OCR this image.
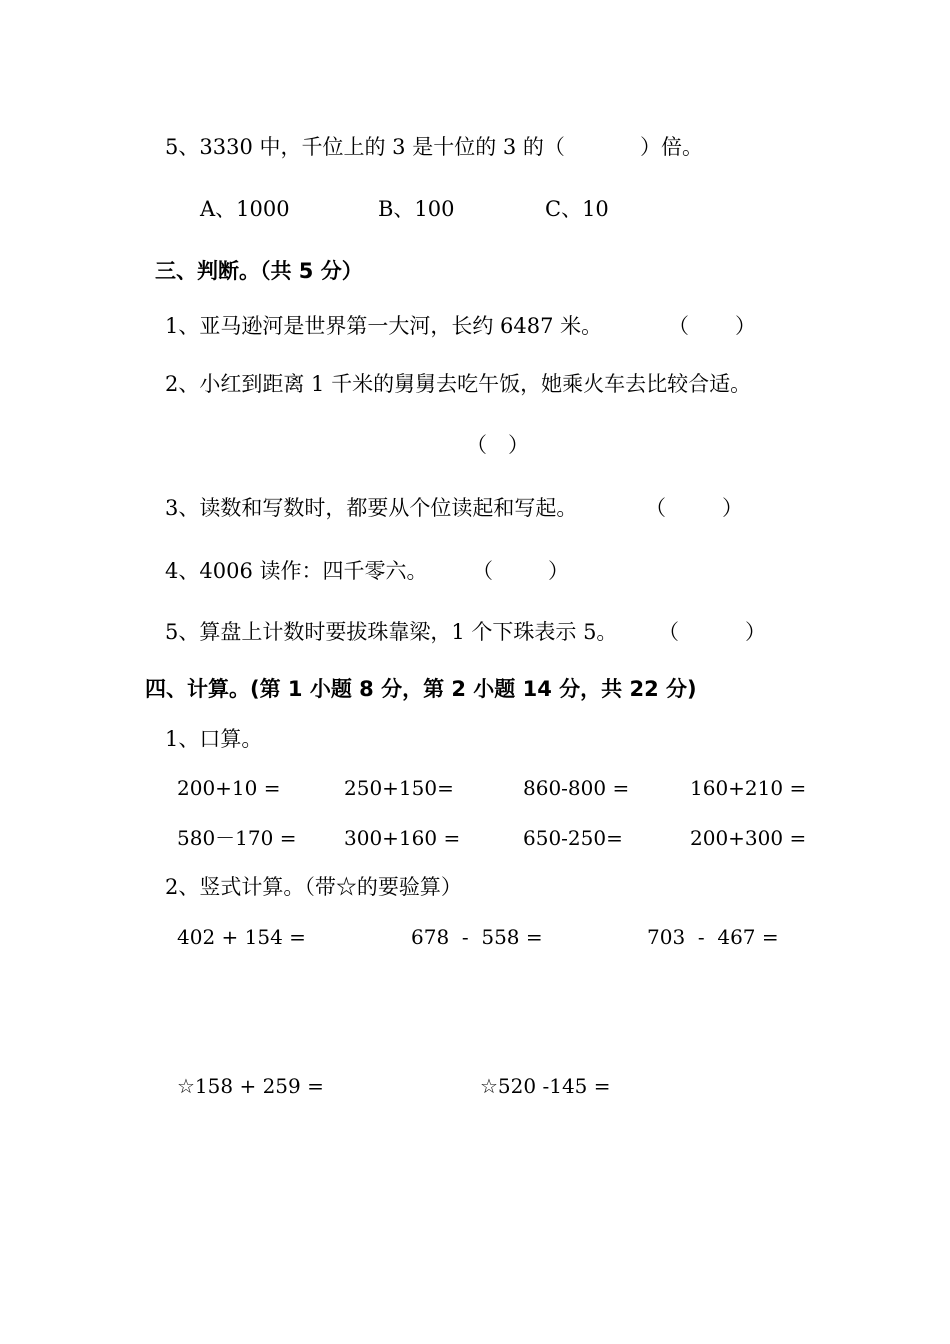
5、3330 中，千位上的 3 是十位的 3 的（	）倍。
A、1000	B、100	C、10
三、判断。（共 5 分）
1、亚马逊河是世界第一大河，长约 6487 米。	（ ）
2、小红到距离 1 千米的舅舅去吃午饭，她乘火车去比较合适。
（ ）
3、读数和写数时，都要从个位读起和写起。	（	）
4、4006 读作：四千零六。 （	）
5、算盘上计数时要拔珠靠梁，1 个下珠表示 5。 （	）
四、计算。(第 1 小题 8 分，第 2 小题 14 分，共 22 分)
1、口算。
200+10 =	250+150=	860-800 =	160+210 =
580－170 = 300+160 =	650-250=	200+300 =
2、竖式计算。（带☆的要验算）
402 + 154 =	678  -  558 =	703  -  467 =
☆158 + 259 =	☆520 -145 =
